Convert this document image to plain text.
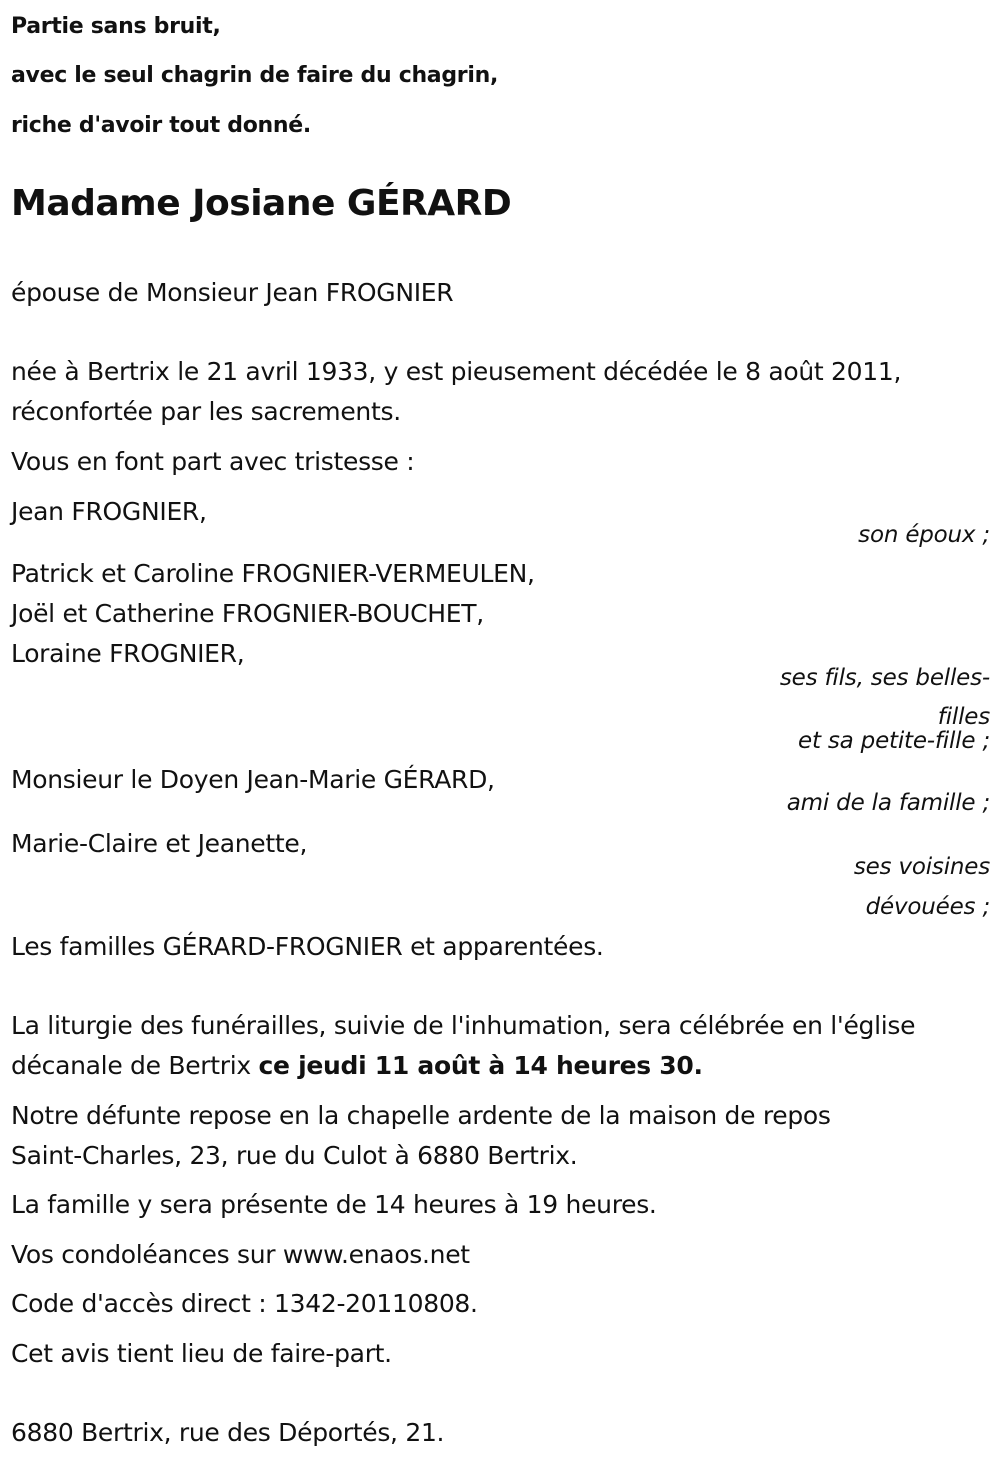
Partie sans bruit,
avec le seul chagrin de faire du chagrin,
riche d'avoir tout donné.
Madame Josiane GÉRARD
épouse de Monsieur Jean FROGNIER
née à Bertrix le 21 avril 1933, y est pieusement décédée le 8 août 2011,
réconfortée par les sacrements.
Vous en font part avec tristesse :
Jean FROGNIER,
son époux ;
Patrick et Caroline FROGNIER-VERMEULEN,
Joël et Catherine FROGNIER-BOUCHET,
Loraine FROGNIER,
ses fils, ses belles-
filles
et sa petite-fille ;
Monsieur le Doyen Jean-Marie GÉRARD,
ami de la famille ;
Marie-Claire et Jeanette,
ses voisines
dévouées ;
Les familles GÉRARD-FROGNIER et apparentées.
La liturgie des funérailles, suivie de l'inhumation, sera célébrée en l'église
décanale de Bertrix ce jeudi 11 août à 14 heures 30.
Notre défunte repose en la chapelle ardente de la maison de repos
Saint-Charles, 23, rue du Culot à 6880 Bertrix.
La famille y sera présente de 14 heures à 19 heures.
Vos condoléances sur www.enaos.net
Code d'accès direct : 1342-20110808.
Cet avis tient lieu de faire-part.
6880 Bertrix, rue des Déportés, 21.
